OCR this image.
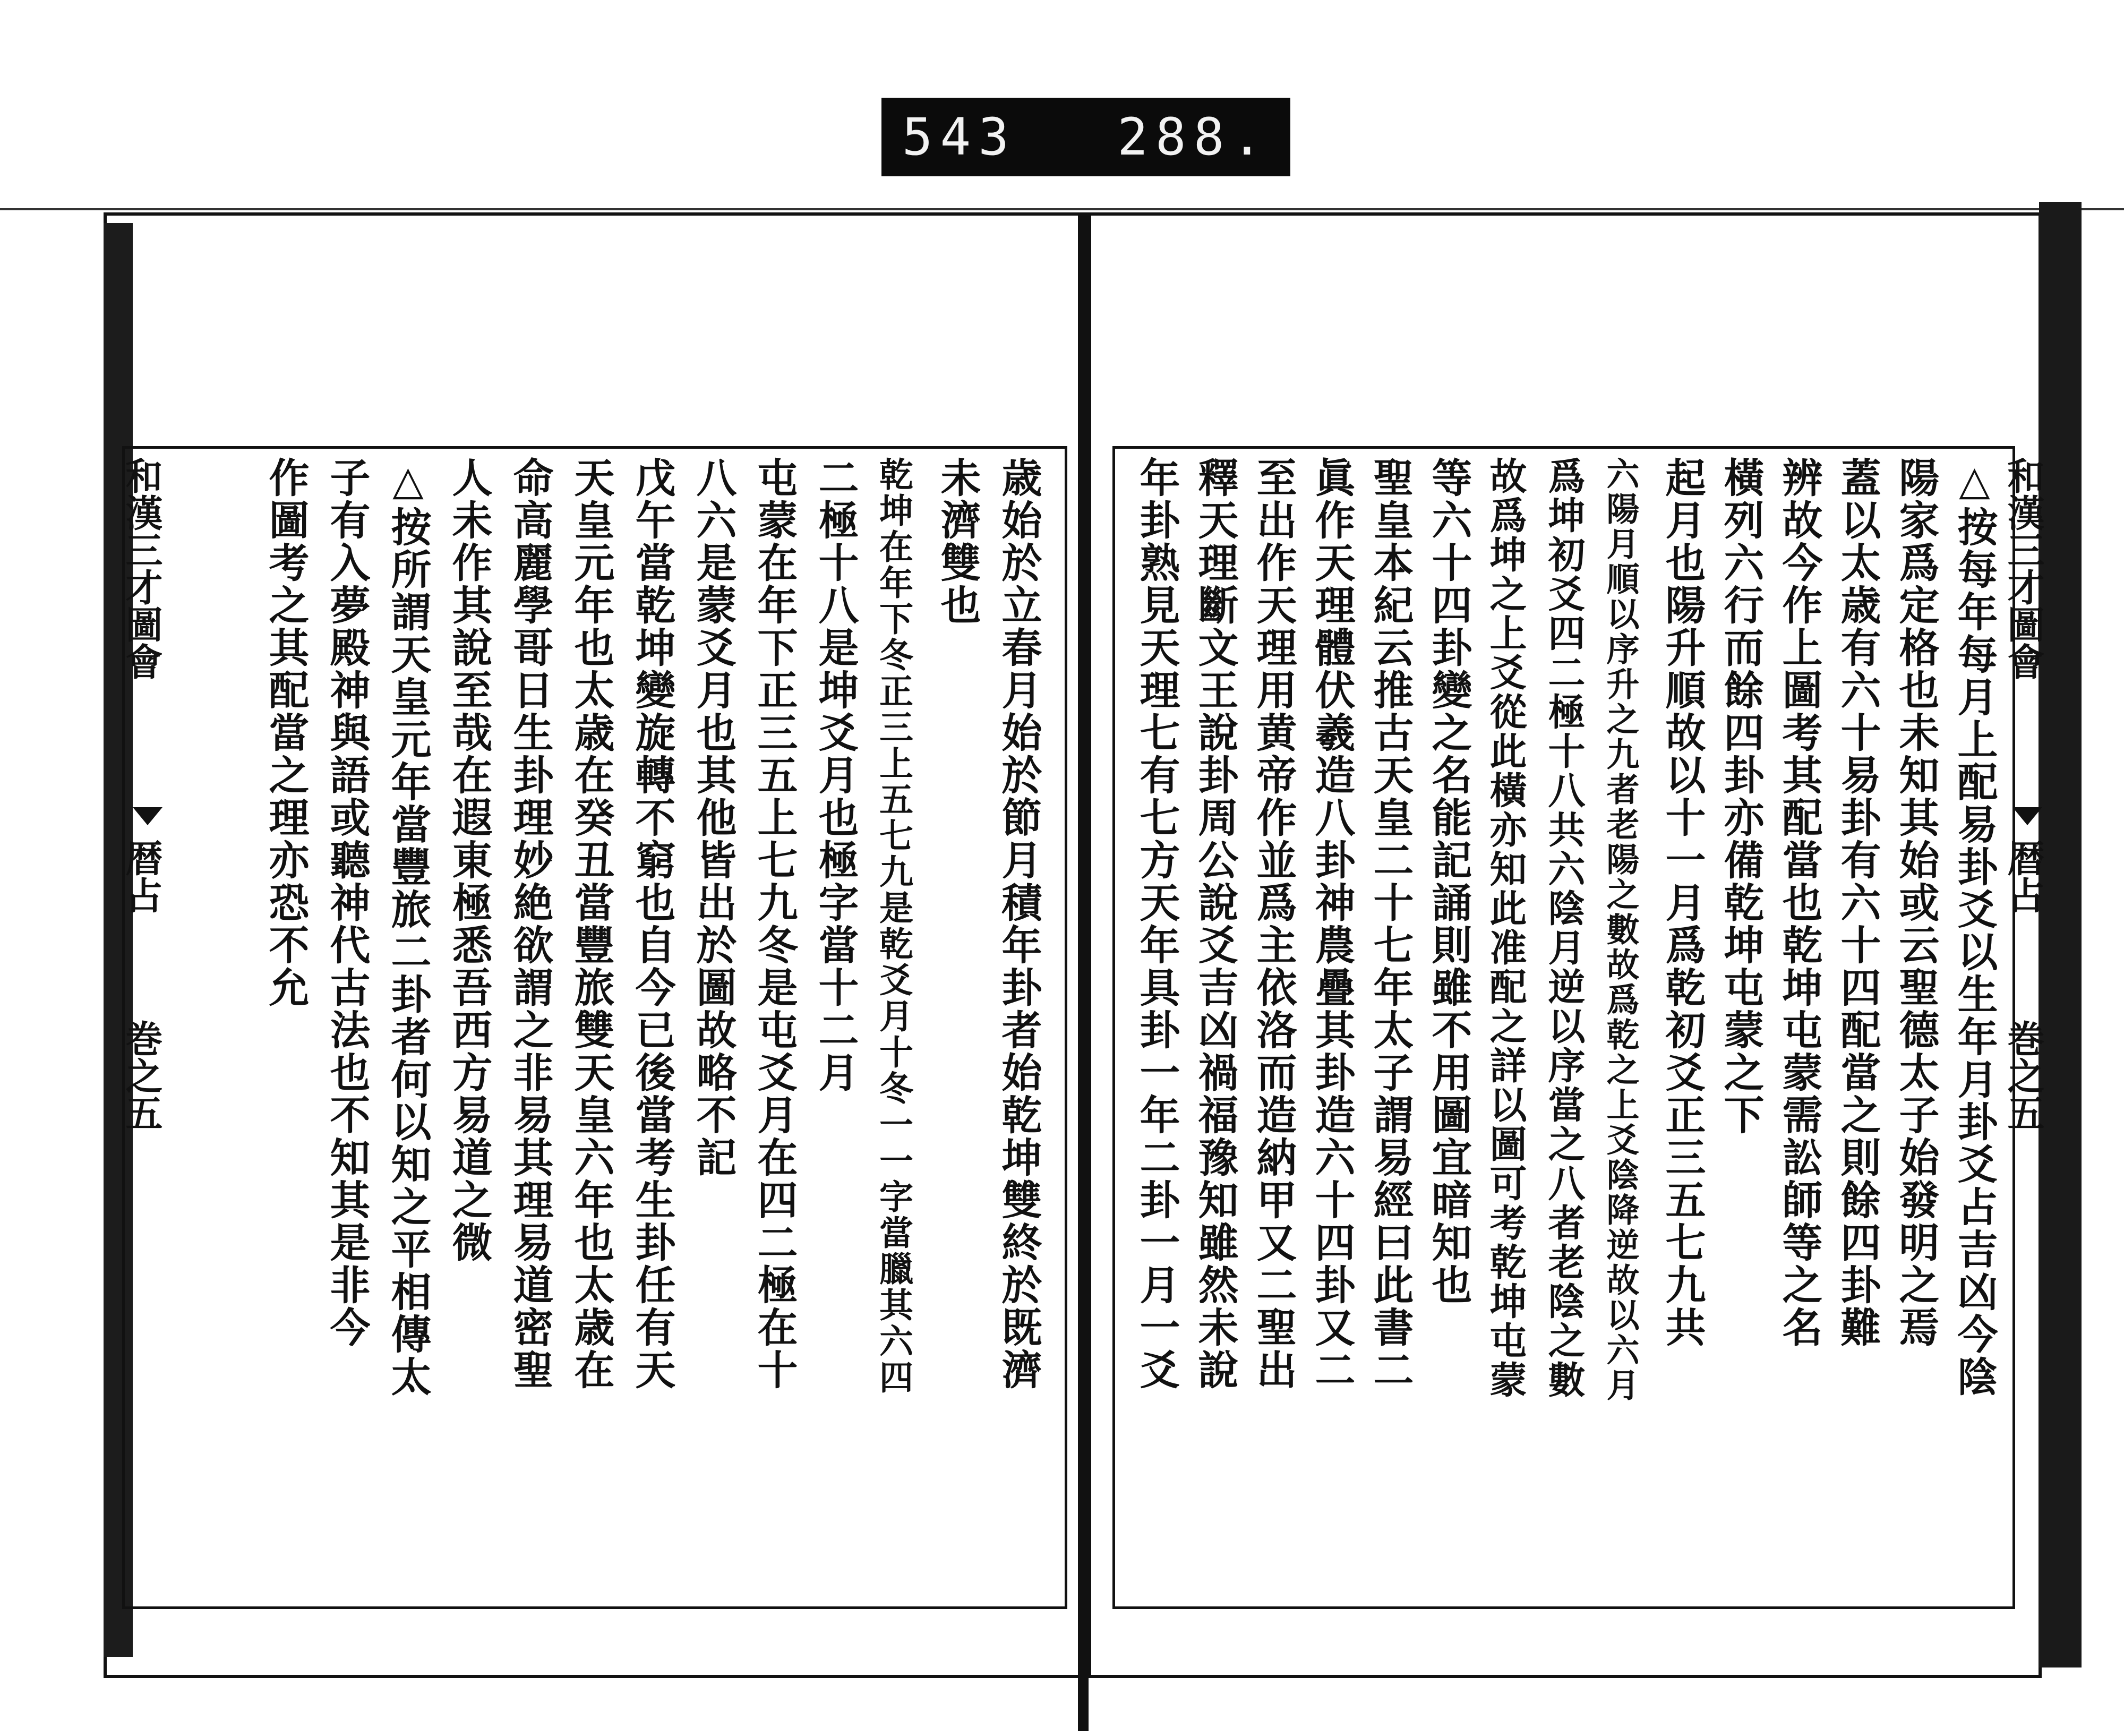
543 288.
和漢三才圖會
暦占
巻之五
和漢三才圖會
暦占
巻之五
歳始於立春月始於節月積年卦者始乾坤雙終於既濟
未濟雙也
乾坤在年下冬正三上五七九是乾爻月十冬一一字當臘其六四
二極十八是坤爻月也極字當十二月
屯蒙在年下正三五上七九冬是屯爻月在四二極在十
八六是蒙爻月也其他皆出於圖故略不記
戊午當乾坤變旋轉不窮也自今已後當考生卦任有天
天皇元年也太歳在癸丑當豐旅雙天皇六年也太歳在
命高麗學哥日生卦理妙絶欲謂之非易其理易道密聖
人未作其說至哉在遐東極悉吾西方易道之微
△按所謂天皇元年當豐旅二卦者何以知之平相傳太
子有入夢殿神與語或聽神代古法也不知其是非今
作圖考之其配當之理亦恐不允	△按每年每月上配易卦爻以生年月卦爻占吉凶今陰
陽家爲定格也未知其始或云聖德太子始發明之焉
蓋以太歳有六十易卦有六十四配當之則餘四卦難
辨故今作上圖考其配當也乾坤屯蒙需訟師等之名
橫列六行而餘四卦亦備乾坤屯蒙之下
起月也陽升順故以十一月爲乾初爻正三五七九共
六陽月順以序升之九者老陽之數故爲乾之上爻陰降逆故以六月
爲坤初爻四二極十八共六陰月逆以序當之八者老陰之數
故爲坤之上爻從此橫亦知此准配之詳以圖可考乾坤屯蒙
等六十四卦變之名能記誦則雖不用圖宜暗知也
聖皇本紀云推古天皇二十七年太子謂易經曰此書二
眞作天理體伏羲造八卦神農疊其卦造六十四卦又二
至出作天理用黄帝作並爲主依洛而造納甲又二聖出
釋天理斷文王說卦周公說爻吉凶禍福豫知雖然未說
年卦熟見天理七有七方天年具卦一年二卦一月一爻
